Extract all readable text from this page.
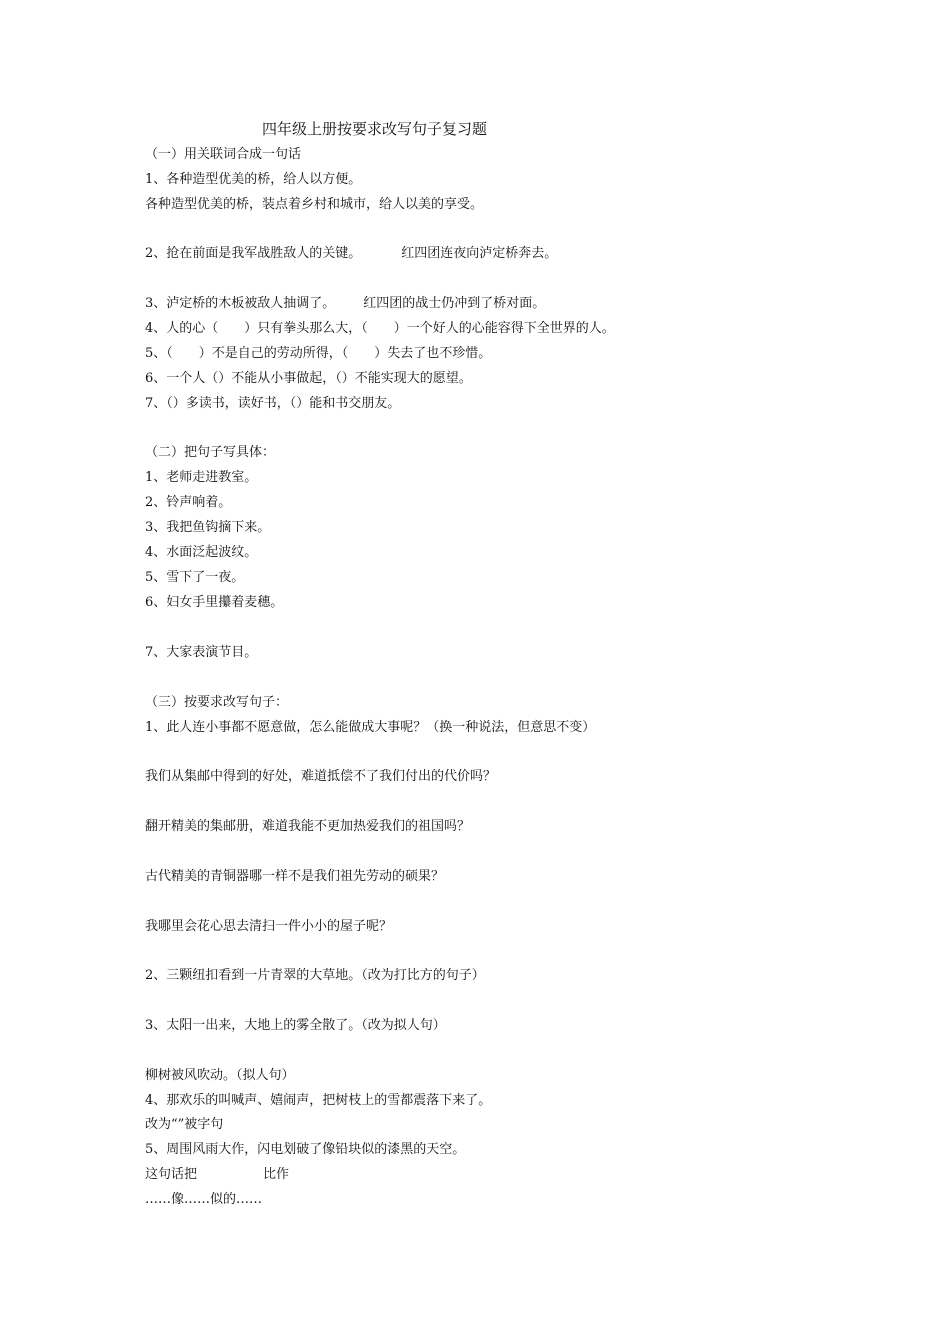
四年级上册按要求改写句子复习题
（一）用关联词合成一句话
1、各种造型优美的桥，给人以方便。
各种造型优美的桥，装点着乡村和城市，给人以美的享受。
2、抢在前面是我军战胜敌人的关键。	红四团连夜向泸定桥奔去。
3、泸定桥的木板被敌人抽调了。 红四团的战士仍冲到了桥对面。
4、人的心（　　）只有拳头那么大，（　　）一个好人的心能容得下全世界的人。
5、（　　）不是自己的劳动所得，（　　）失去了也不珍惜。
6、一个人（）不能从小事做起，（）不能实现大的愿望。
7、（）多读书，读好书，（）能和书交朋友。
（二）把句子写具体：
1、老师走进教室。
2、铃声响着。
3、我把鱼钩摘下来。
4、水面泛起波纹。
5、雪下了一夜。
6、妇女手里攥着麦穗。
7、大家表演节目。
（三）按要求改写句子：
1、此人连小事都不愿意做，怎么能做成大事呢？（换一种说法，但意思不变）
我们从集邮中得到的好处，难道抵偿不了我们付出的代价吗？
翻开精美的集邮册，难道我能不更加热爱我们的祖国吗？
古代精美的青铜器哪一样不是我们祖先劳动的硕果？
我哪里会花心思去清扫一件小小的屋子呢？
2、三颗纽扣看到一片青翠的大草地。（改为打比方的句子）
3、太阳一出来，大地上的雾全散了。（改为拟人句）
柳树被风吹动。（拟人句）
4、那欢乐的叫喊声、嬉闹声，把树枝上的雪都震落下来了。
改为“”被字句
5、周围风雨大作，闪电划破了像铅块似的漆黑的天空。
这句话把	比作
……像……似的……
